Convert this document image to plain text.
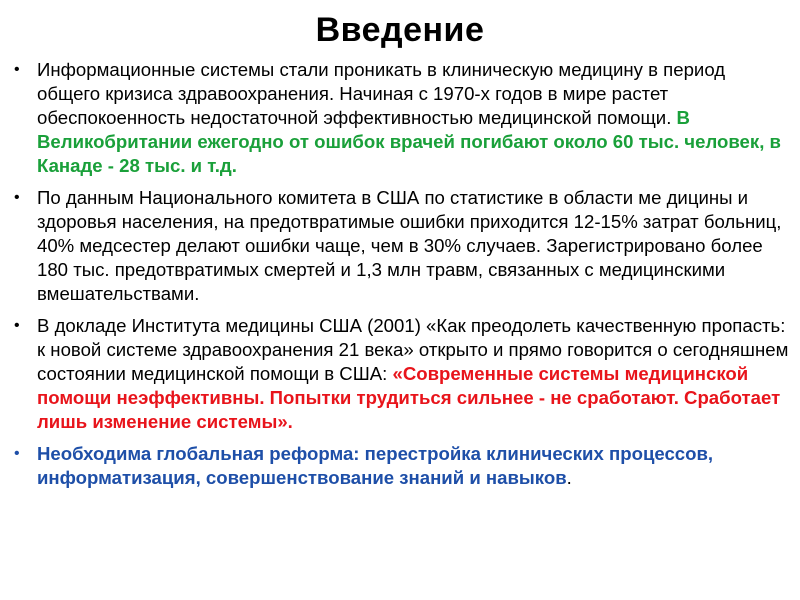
Введение
• Информационные системы стали проникать в клиническую медицину в период общего кризиса здравоохранения. Начиная с 1970-х годов в мире растет обеспокоенность недостаточной эффективностью медицинской помощи. В Великобритании ежегодно от ошибок врачей погибают около 60 тыс. человек, в Канаде - 28 тыс. и т.д.
• По данным Национального комитета в США по статистике в области ме дицины и здоровья населения, на предотвратимые ошибки приходится 12-15% затрат больниц, 40% медсестер делают ошибки чаще, чем в 30% случаев. Зарегистрировано более 180 тыс. предотвратимых смертей и 1,3 млн травм, связанных с медицинскими вмешательствами.
• В докладе Института медицины США (2001) «Как преодолеть качественную пропасть: к новой системе здравоохранения 21 века» открыто и прямо говорится о сегодняшнем состоянии медицинской помощи в США: «Современные системы медицинской помощи неэффективны. Попытки трудиться сильнее - не сработают. Сработает лишь изменение системы».
• Необходима глобальная реформа: перестройка клинических процессов, информатизация, совершенствование знаний и навыков.
